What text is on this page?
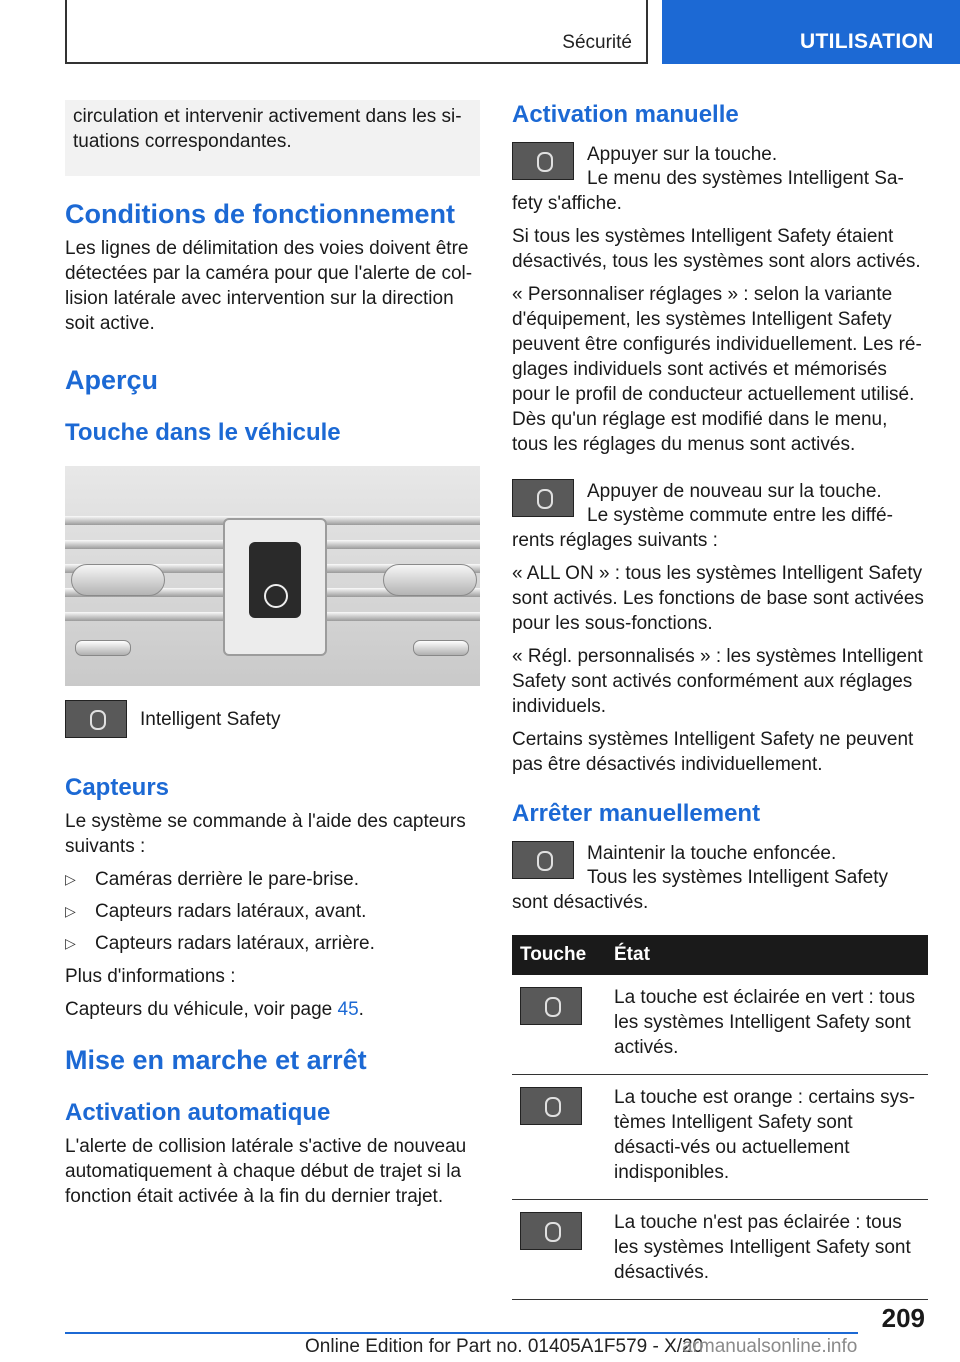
Sécurité	UTILISATION

circulation et intervenir activement dans les si-tuations correspondantes.

Conditions de fonctionnement

Les lignes de délimitation des voies doivent être détectées par la caméra pour que l'alerte de col-lision latérale avec intervention sur la direction soit active.

Aperçu
Touche dans le véhicule

Intelligent Safety

Capteurs

Le système se commande à l'aide des capteurs suivants :

▷ Caméras derrière le pare-brise.
▷ Capteurs radars latéraux, avant.
▷ Capteurs radars latéraux, arrière.

Plus d'informations :

Capteurs du véhicule, voir page 45.

Mise en marche et arrêt
Activation automatique

L'alerte de collision latérale s'active de nouveau automatiquement à chaque début de trajet si la fonction était activée à la fin du dernier trajet.

Activation manuelle

Appuyer sur la touche.

Le menu des systèmes Intelligent Sa-fety s'affiche.

Si tous les systèmes Intelligent Safety étaient désactivés, tous les systèmes sont alors activés.

« Personnaliser réglages » : selon la variante d'équipement, les systèmes Intelligent Safety peuvent être configurés individuellement. Les ré-glages individuels sont activés et mémorisés pour le profil de conducteur actuellement utilisé. Dès qu'un réglage est modifié dans le menu, tous les réglages du menus sont activés.

Appuyer de nouveau sur la touche.

Le système commute entre les diffé-rents réglages suivants :

« ALL ON » : tous les systèmes Intelligent Safety sont activés. Les fonctions de base sont activées pour les sous-fonctions.

« Régl. personnalisés » : les systèmes Intelligent Safety sont activés conformément aux réglages individuels.

Certains systèmes Intelligent Safety ne peuvent pas être désactivés individuellement.

Arrêter manuellement

Maintenir la touche enfoncée.

Tous les systèmes Intelligent Safety sont désactivés.

Touche	État

	La touche est éclairée en vert : tous les systèmes Intelligent Safety sont activés.

	La touche est orange : certains sys-tèmes Intelligent Safety sont désacti-vés ou actuellement indisponibles.

	La touche n'est pas éclairée : tous les systèmes Intelligent Safety sont désactivés.
209
Online Edition for Part no. 01405A1F579 - X/20
armanualsonline.info
